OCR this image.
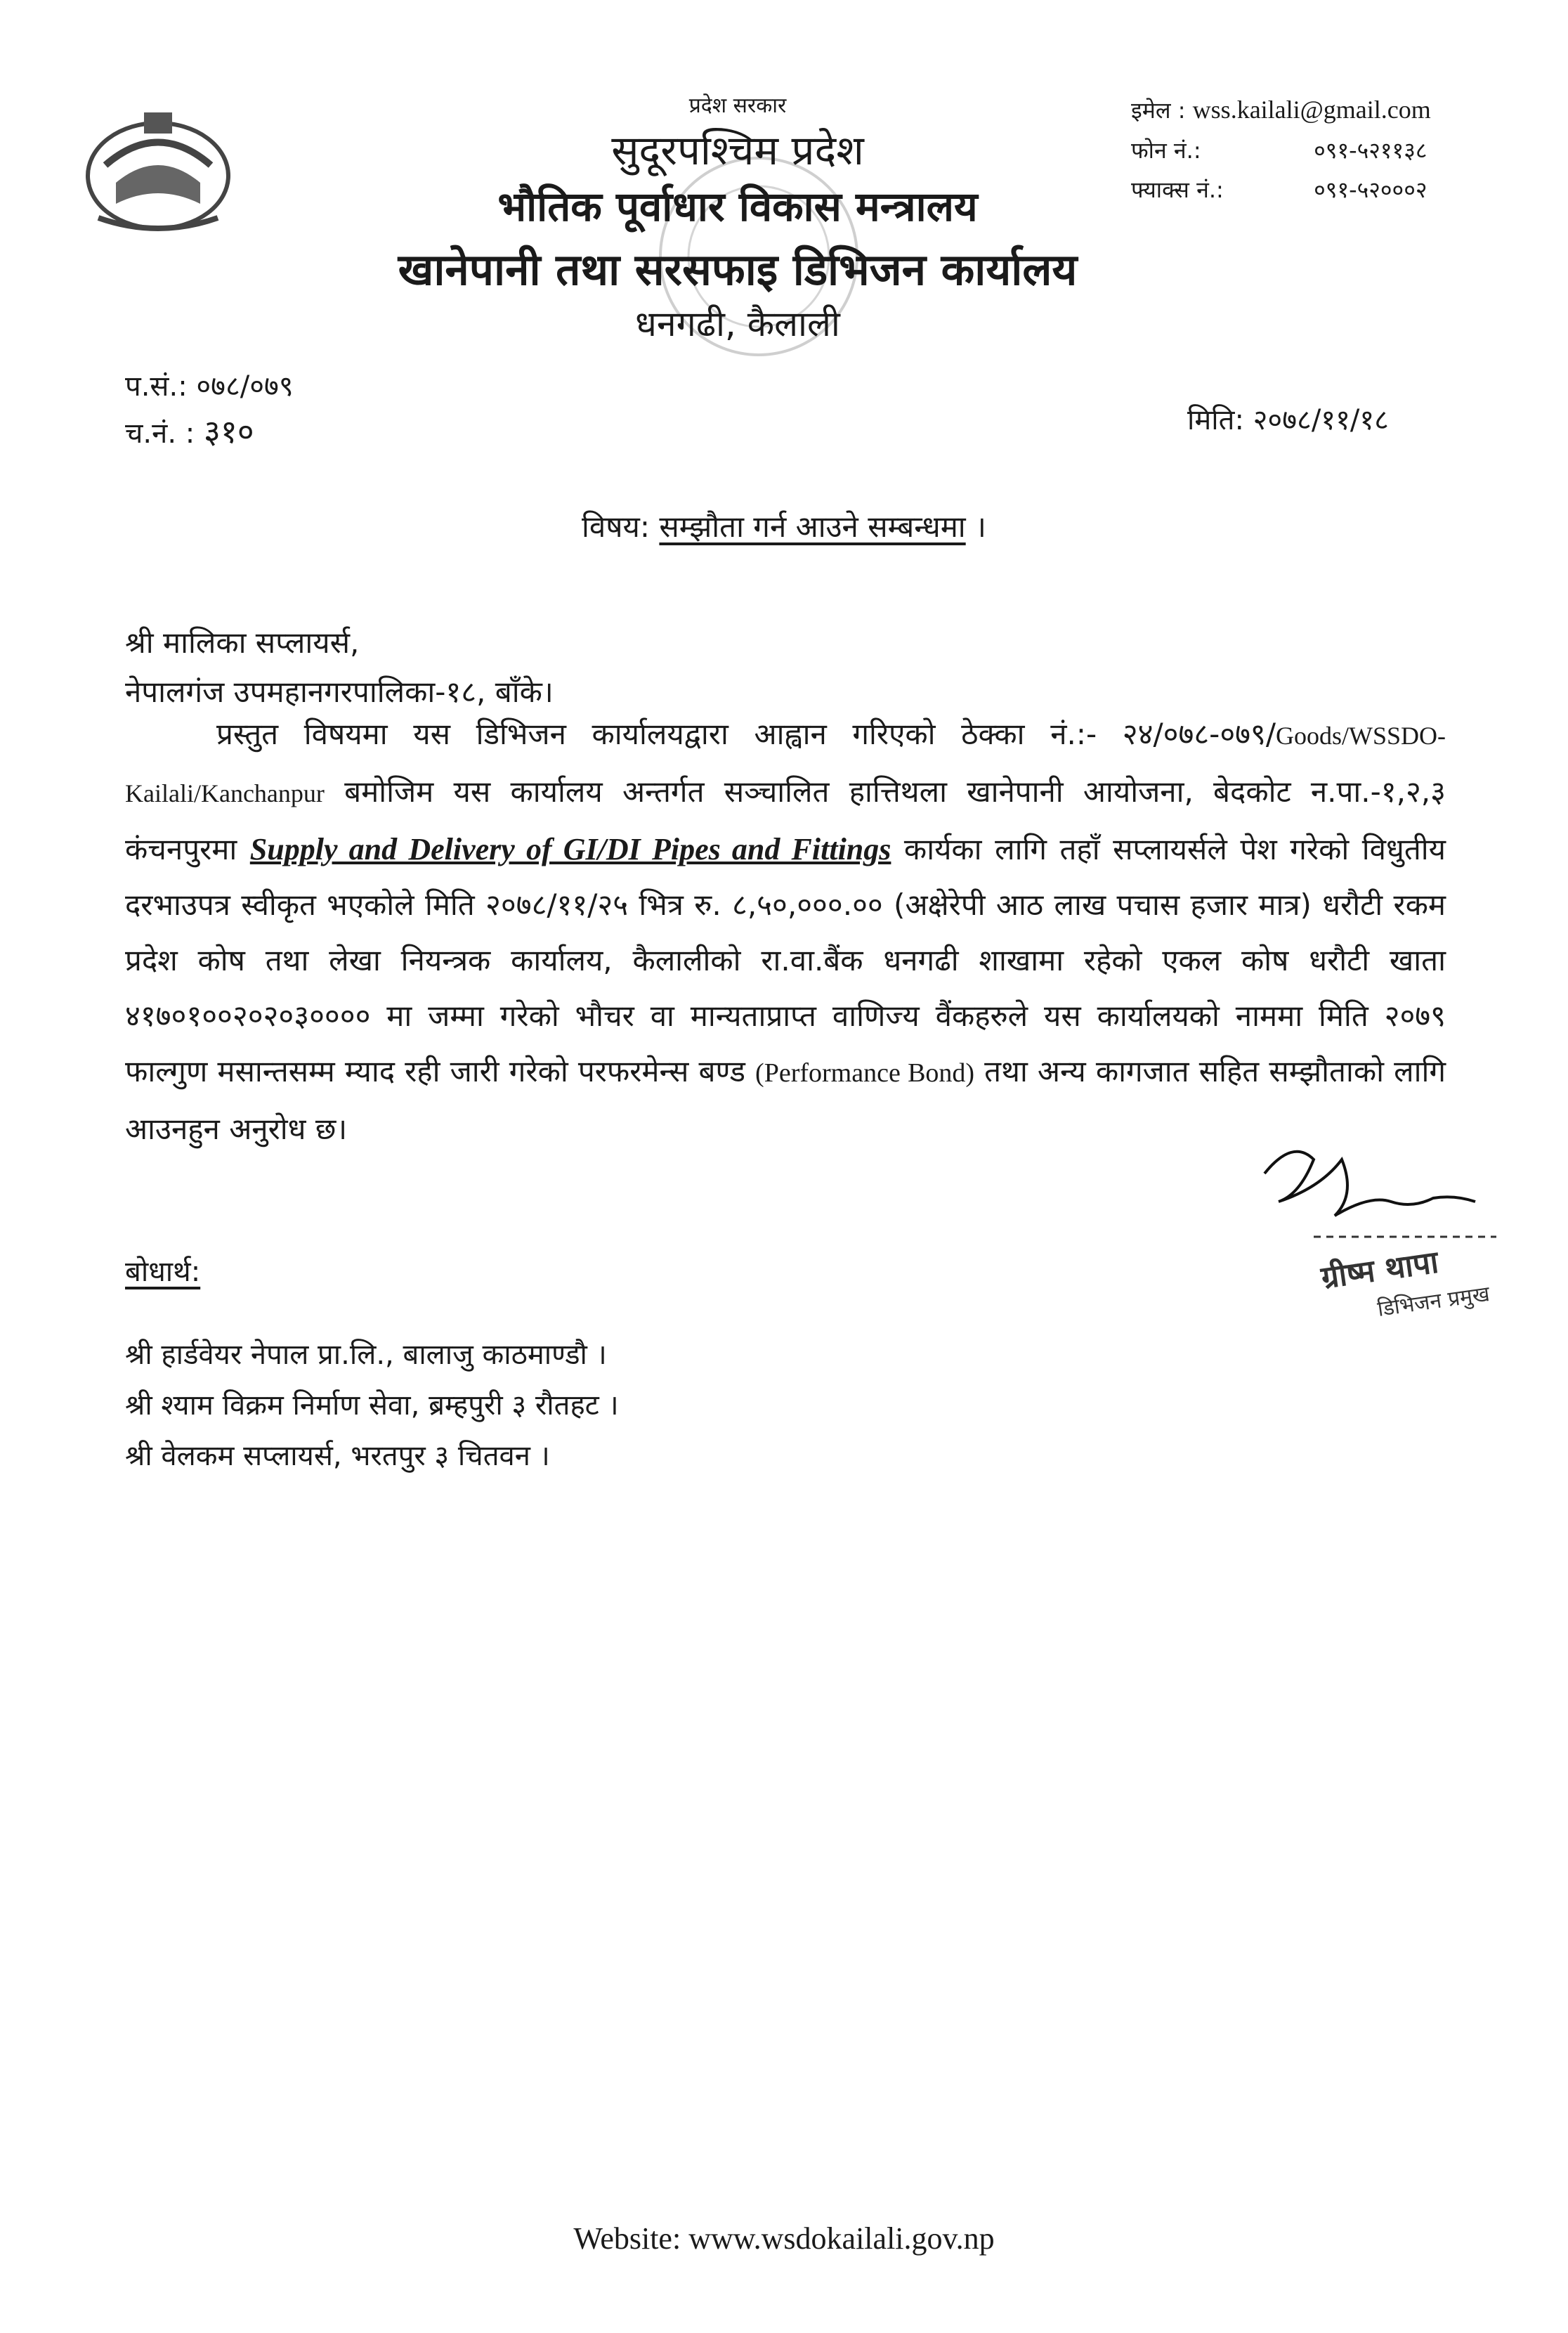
प्रदेश सरकार
सुदूरपश्चिम प्रदेश
भौतिक पूर्वाधार विकास मन्त्रालय
खानेपानी तथा सरसफाइ डिभिजन कार्यालय
धनगढी, कैलाली
इमेल : wss.kailali@gmail.com
फोन नं.:	०९१-५२११३८
फ्याक्स नं.:	०९१-५२०००२
प.सं.: ०७८/०७९
च.नं. : ३१०	मिति: २०७८/११/१८
विषय: सम्झौता गर्न आउने सम्बन्धमा ।
श्री मालिका सप्लायर्स,
नेपालगंज उपमहानगरपालिका-१८, बाँके।
प्रस्तुत विषयमा यस डिभिजन कार्यालयद्वारा आह्वान गरिएको ठेक्का नं.:- २४/०७८-०७९/Goods/WSSDO-Kailali/Kanchanpur बमोजिम यस कार्यालय अन्तर्गत सञ्चालित हात्तिथला खानेपानी आयोजना, बेदकोट न.पा.-१,२,३ कंचनपुरमा Supply and Delivery of GI/DI Pipes and Fittings कार्यका लागि तहाँ सप्लायर्सले पेश गरेको विधुतीय दरभाउपत्र स्वीकृत भएकोले मिति २०७८/११/२५ भित्र रु. ८,५०,०००.०० (अक्षेरेपी आठ लाख पचास हजार मात्र) धरौटी रकम प्रदेश कोष तथा लेखा नियन्त्रक कार्यालय, कैलालीको रा.वा.बैंक धनगढी शाखामा रहेको एकल कोष धरौटी खाता ४१७०१००२०२०३०००० मा जम्मा गरेको भौचर वा मान्यताप्राप्त वाणिज्य वैंकहरुले यस कार्यालयको नाममा मिति २०७९ फाल्गुण मसान्तसम्म म्याद रही जारी गरेको परफरमेन्स बण्ड (Performance Bond) तथा अन्य कागजात सहित सम्झौताको लागि आउनहुन अनुरोध छ।
ग्रीष्म थापा
डिभिजन प्रमुख
बोधार्थ:
श्री हार्डवेयर नेपाल प्रा.लि., बालाजु काठमाण्डौ ।
श्री श्याम विक्रम निर्माण सेवा, ब्रम्हपुरी ३ रौतहट ।
श्री वेलकम सप्लायर्स, भरतपुर ३ चितवन ।
Website: www.wsdokailali.gov.np
